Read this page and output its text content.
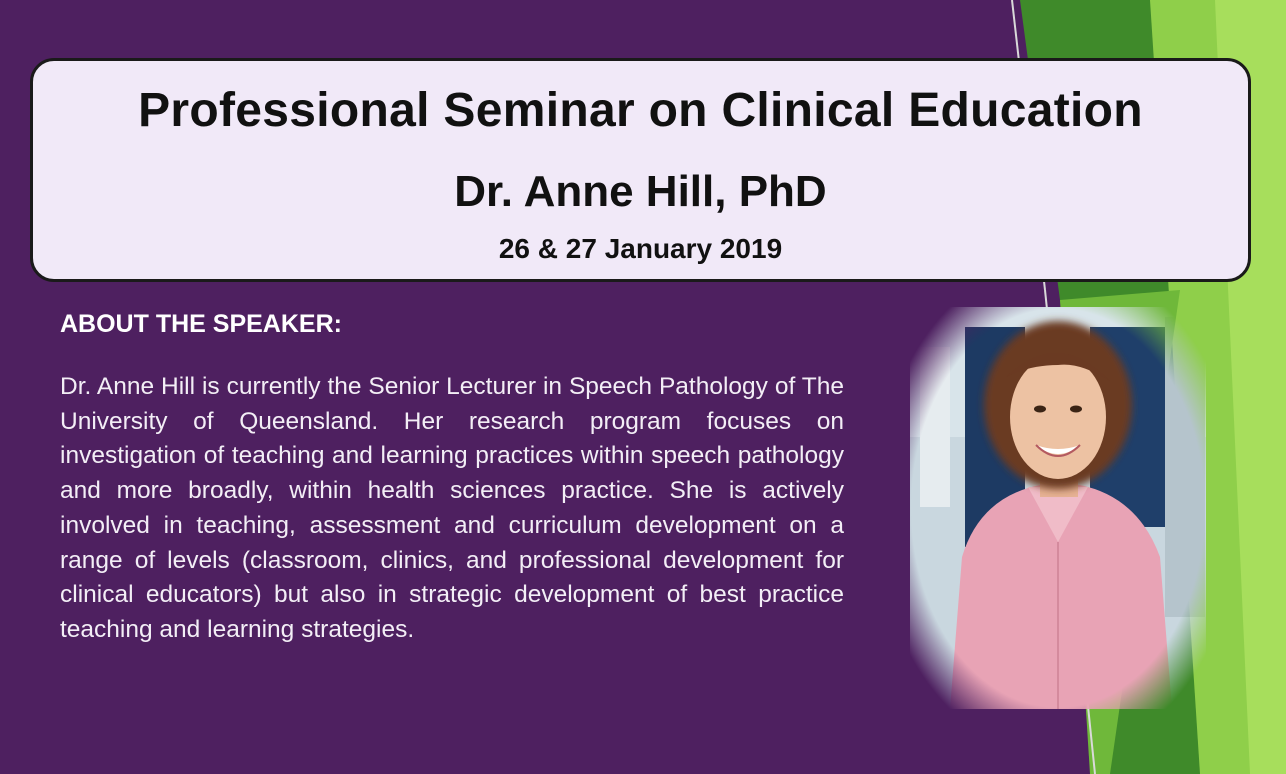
Professional Seminar on Clinical Education
Dr. Anne Hill, PhD

26 & 27 January 2019

ABOUT THE SPEAKER:

Dr. Anne Hill is currently the Senior Lecturer in Speech Pathology of The University of Queensland. Her research program focuses on investigation of teaching and learning practices within speech pathology and more broadly, within health sciences practice. She is actively involved in teaching, assessment and curriculum development on a range of levels (classroom, clinics, and professional development for clinical educators) but also in strategic development of best practice teaching and learning strategies.
